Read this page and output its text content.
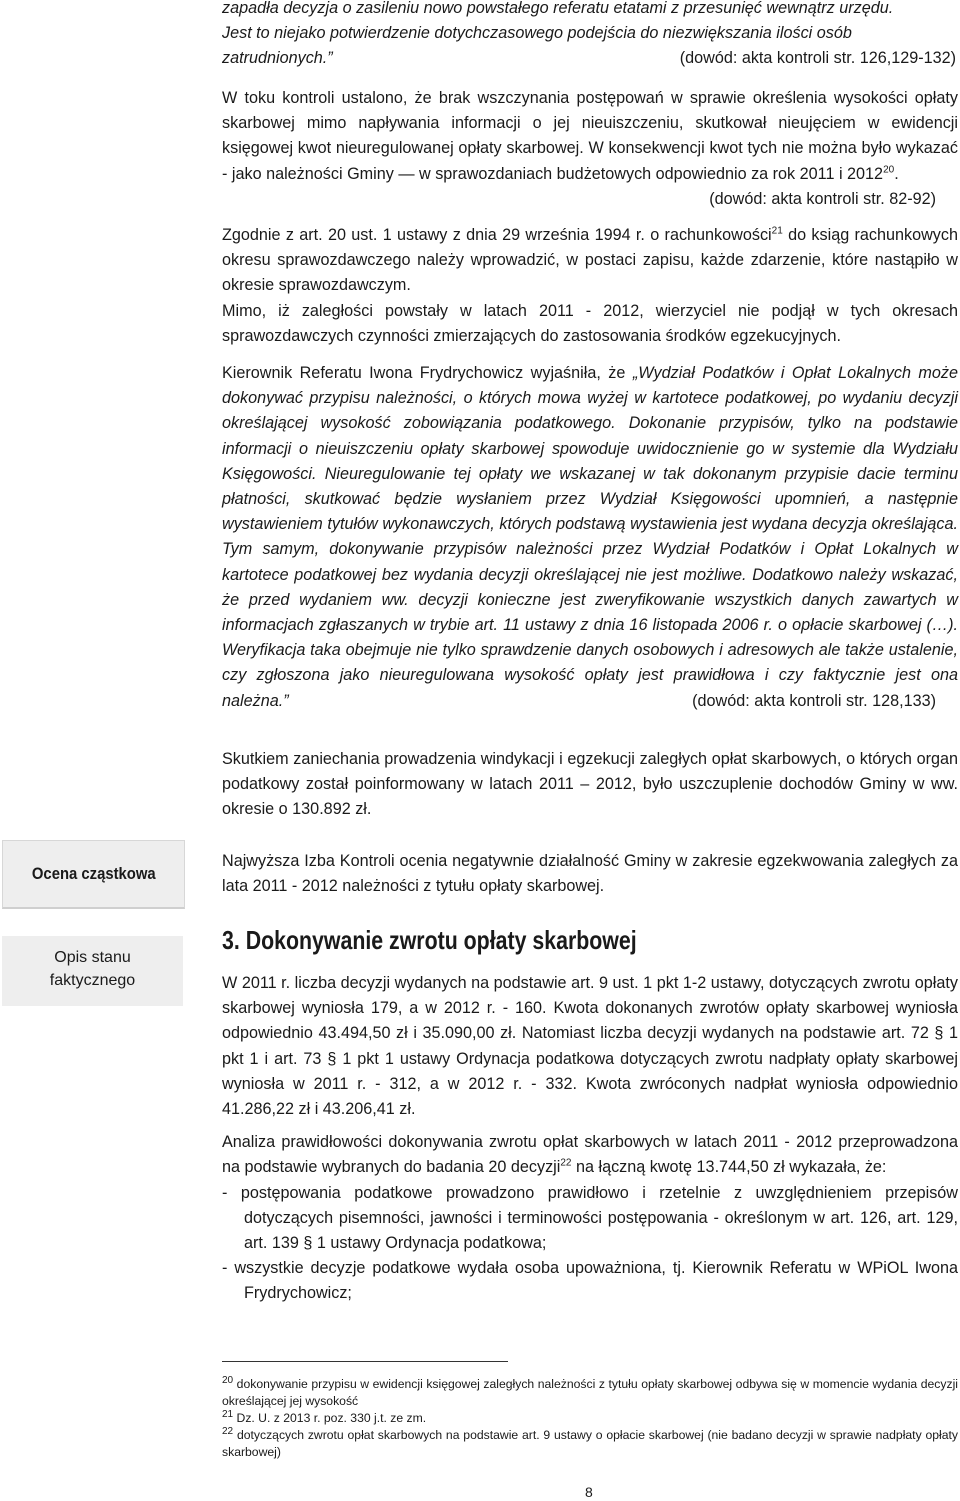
zapadła decyzja o zasileniu nowo powstałego referatu etatami z przesunięć wewnątrz urzędu.

Jest to niejako potwierdzenie dotychczasowego podejścia do niezwiększania ilości osób

zatrudnionych.”	(dowód: akta kontroli str. 126,129-132)

W toku kontroli ustalono, że brak wszczynania postępowań w sprawie określenia wysokości opłaty skarbowej mimo napływania informacji o jej nieuiszczeniu, skutkował nieujęciem w ewidencji księgowej kwot nieuregulowanej opłaty skarbowej. W konsekwencji kwot tych nie można było wykazać - jako należności Gminy — w sprawozdaniach budżetowych odpowiednio za rok 2011 i 2012$^{20}$.
(dowód: akta kontroli str. 82-92)

Zgodnie z art. 20 ust. 1 ustawy z dnia 29 września 1994 r. o rachunkowości$^{21}$ do ksiąg rachunkowych okresu sprawozdawczego należy wprowadzić, w postaci zapisu, każde zdarzenie, które nastąpiło w okresie sprawozdawczym.

Mimo, iż zaległości powstały w latach 2011 - 2012, wierzyciel nie podjął w tych okresach sprawozdawczych czynności zmierzających do zastosowania środków egzekucyjnych.

Kierownik Referatu Iwona Frydrychowicz wyjaśniła, że „Wydział Podatków i Opłat Lokalnych może dokonywać przypisu należności, o których mowa wyżej w kartotece podatkowej, po wydaniu decyzji określającej wysokość zobowiązania podatkowego. Dokonanie przypisów, tylko na podstawie informacji o nieuiszczeniu opłaty skarbowej spowoduje uwidocznienie go w systemie dla Wydziału Księgowości. Nieuregulowanie tej opłaty we wskazanej w tak dokonanym przypisie dacie terminu płatności, skutkować będzie wysłaniem przez Wydział Księgowości upomnień, a następnie wystawieniem tytułów wykonawczych, których podstawą wystawienia jest wydana decyzja określająca. Tym samym, dokonywanie przypisów należności przez Wydział Podatków i Opłat Lokalnych w kartotece podatkowej bez wydania decyzji określającej nie jest możliwe. Dodatkowo należy wskazać, że przed wydaniem ww. decyzji konieczne jest zweryfikowanie wszystkich danych zawartych w informacjach zgłaszanych w trybie art. 11 ustawy z dnia 16 listopada 2006 r. o opłacie skarbowej (…). Weryfikacja taka obejmuje nie tylko sprawdzenie danych osobowych i adresowych ale także ustalenie, czy zgłoszona jako nieuregulowana wysokość opłaty jest prawidłowa i czy faktycznie jest ona należna.”	(dowód: akta kontroli str. 128,133)

Skutkiem zaniechania prowadzenia windykacji i egzekucji zaległych opłat skarbowych, o których organ podatkowy został poinformowany w latach 2011 – 2012, było uszczuplenie dochodów Gminy w ww. okresie o 130.892 zł.

Ocena cząstkowa
Opis stanu faktycznego

Najwyższa Izba Kontroli ocenia negatywnie działalność Gminy w zakresie egzekwowania zaległych za lata 2011 - 2012 należności z tytułu opłaty skarbowej.

3. Dokonywanie zwrotu opłaty skarbowej

W 2011 r. liczba decyzji wydanych na podstawie art. 9 ust. 1 pkt 1-2 ustawy, dotyczących zwrotu opłaty skarbowej wyniosła 179, a w 2012 r. - 160. Kwota dokonanych zwrotów opłaty skarbowej wyniosła odpowiednio 43.494,50 zł i 35.090,00 zł. Natomiast liczba decyzji wydanych na podstawie art. 72 § 1 pkt 1 i art. 73 § 1 pkt 1 ustawy Ordynacja podatkowa dotyczących zwrotu nadpłaty opłaty skarbowej wyniosła w 2011 r. - 312, a w 2012 r. - 332. Kwota zwróconych nadpłat wyniosła odpowiednio 41.286,22 zł i 43.206,41 zł.

Analiza prawidłowości dokonywania zwrotu opłat skarbowych w latach 2011 - 2012 przeprowadzona na podstawie wybranych do badania 20 decyzji$^{22}$ na łączną kwotę 13.744,50 zł wykazała, że:

- postępowania podatkowe prowadzono prawidłowo i rzetelnie z uwzględnieniem przepisów dotyczących pisemności, jawności i terminowości postępowania - określonym w art. 126, art. 129, art. 139 § 1 ustawy Ordynacja podatkowa;
- wszystkie decyzje podatkowe wydała osoba upoważniona, tj. Kierownik Referatu w WPiOL Iwona Frydrychowicz;

$^{20}$ dokonywanie przypisu w ewidencji księgowej zaległych należności z tytułu opłaty skarbowej odbywa się w momencie wydania decyzji określającej jej wysokość

$^{21}$ Dz. U. z 2013 r. poz. 330 j.t. ze zm.

$^{22}$ dotyczących zwrotu opłat skarbowych na podstawie art. 9 ustawy o opłacie skarbowej (nie badano decyzji w sprawie nadpłaty opłaty skarbowej)

8
